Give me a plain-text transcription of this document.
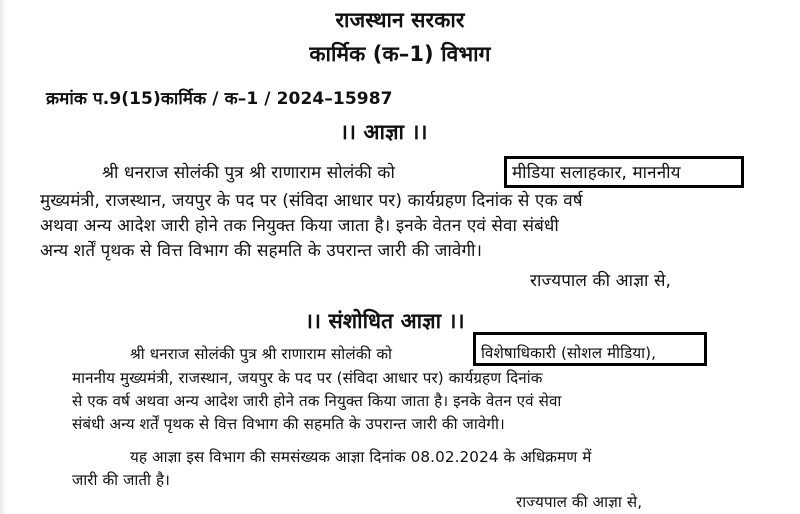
राजस्थान सरकार
कार्मिक (क–1) विभाग
क्रमांक प.9(15)कार्मिक / क–1 / 2024–15987
।। आज्ञा ।।
श्री धनराज सोलंकी पुत्र श्री राणाराम सोलंकी को	मीडिया सलाहकार, माननीय
मुख्यमंत्री, राजस्थान, जयपुर के पद पर (संविदा आधार पर) कार्यग्रहण दिनांक से एक वर्ष
अथवा अन्य आदेश जारी होने तक नियुक्त किया जाता है। इनके वेतन एवं सेवा संबंधी
अन्य शर्तें पृथक से वित्त विभाग की सहमति के उपरान्त जारी की जावेगी।
राज्यपाल की आज्ञा से,
।। संशोधित आज्ञा ।।
श्री धनराज सोलंकी पुत्र श्री राणाराम सोलंकी को	विशेषाधिकारी (सोशल मीडिया),
माननीय मुख्यमंत्री, राजस्थान, जयपुर के पद पर (संविदा आधार पर) कार्यग्रहण दिनांक
से एक वर्ष अथवा अन्य आदेश जारी होने तक नियुक्त किया जाता है। इनके वेतन एवं सेवा
संबंधी अन्य शर्तें पृथक से वित्त विभाग की सहमति के उपरान्त जारी की जावेगी।
यह आज्ञा इस विभाग की समसंख्यक आज्ञा दिनांक 08.02.2024 के अधिक्रमण में
जारी की जाती है।
राज्यपाल की आज्ञा से,
